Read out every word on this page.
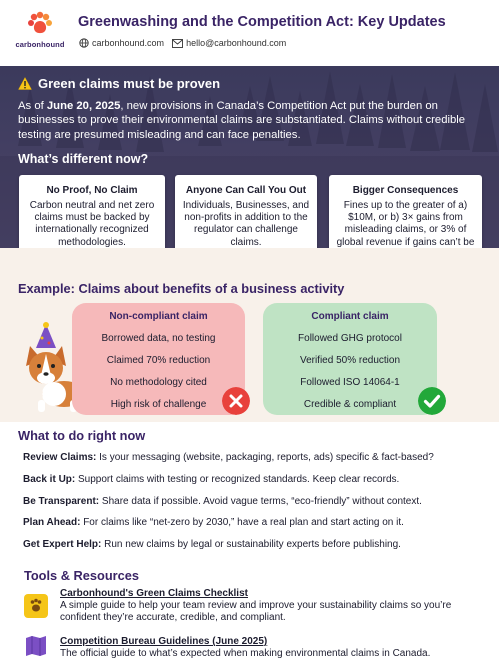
carbonhound
Greenwashing and the Competition Act: Key Updates
carbonhound.com hello@carbonhound.com
Green claims must be proven
As of June 20, 2025, new provisions in Canada’s Competition Act put the burden on businesses to prove their environmental claims are substantiated. Claims without credible testing are presumed misleading and can face penalties.
What’s different now?
No Proof, No Claim

Carbon neutral and net zero claims must be backed by internationally recognized methodologies.

Anyone Can Call You Out

Individuals, Businesses, and non-profits in addition to the regulator can challenge claims.

Bigger Consequences

Fines up to the greater of a) $10M, or b) 3× gains from misleading claims, or 3% of global revenue if gains can’t be

Example: Claims about benefits of a business activity
Non-compliant claim
Borrowed data, no testing
Claimed 70% reduction
No methodology cited
High risk of challenge
Compliant claim
Followed GHG protocol
Verified 50% reduction
Followed ISO 14064-1
Credible & compliant
What to do right now
Review Claims: Is your messaging (website, packaging, reports, ads) specific & fact-based?
Back it Up: Support claims with testing or recognized standards. Keep clear records.
Be Transparent: Share data if possible. Avoid vague terms, “eco-friendly” without context.
Plan Ahead: For claims like “net-zero by 2030,” have a real plan and start acting on it.
Get Expert Help: Run new claims by legal or sustainability experts before publishing.
Tools & Resources
Carbonhound's Green Claims Checklist
A simple guide to help your team review and improve your sustainability claims so you’re confident they’re accurate, credible, and compliant.
Competition Bureau Guidelines (June 2025)
The official guide to what’s expected when making environmental claims in Canada.
